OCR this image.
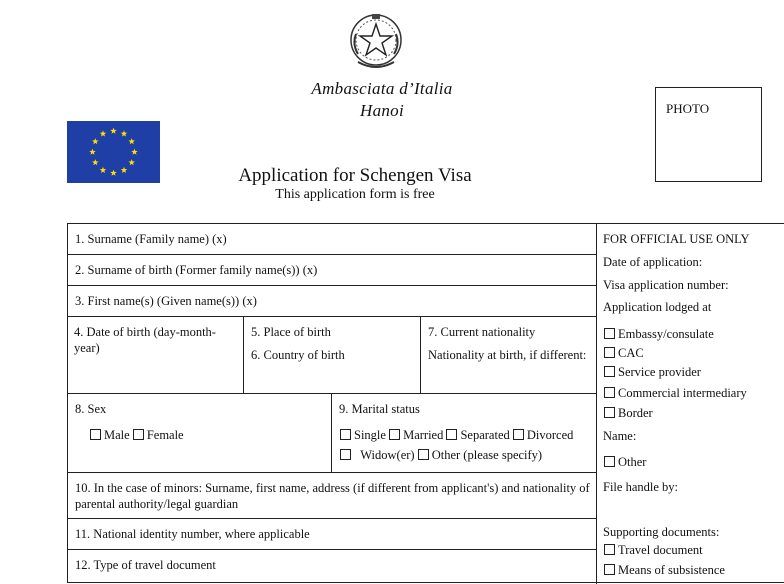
Ambasciata d’Italia
Hanoi	PHOTO
Application for Schengen Visa
This application form is free
1. Surname (Family name) (x)
2. Surname of birth (Former family name(s)) (x)
3. First name(s) (Given name(s)) (x)
4. Date of birth (day-month-year)
5. Place of birth
6. Country of birth
7. Current nationality
Nationality at birth, if different:
8. Sex
Male Female
9. Marital status
Single Married Separated Divorced
Widow(er) Other (please specify)
10. In the case of minors: Surname, first name, address (if different from applicant's) and nationality of parental authority/legal guardian
11. National identity number, where applicable
12. Type of travel document
FOR OFFICIAL USE ONLY
Date of application:
Visa application number:
Application lodged at
Embassy/consulate
CAC
Service provider
Commercial intermediary
Border
Name:
Other
File handle by:
Supporting documents:
Travel document
Means of subsistence
